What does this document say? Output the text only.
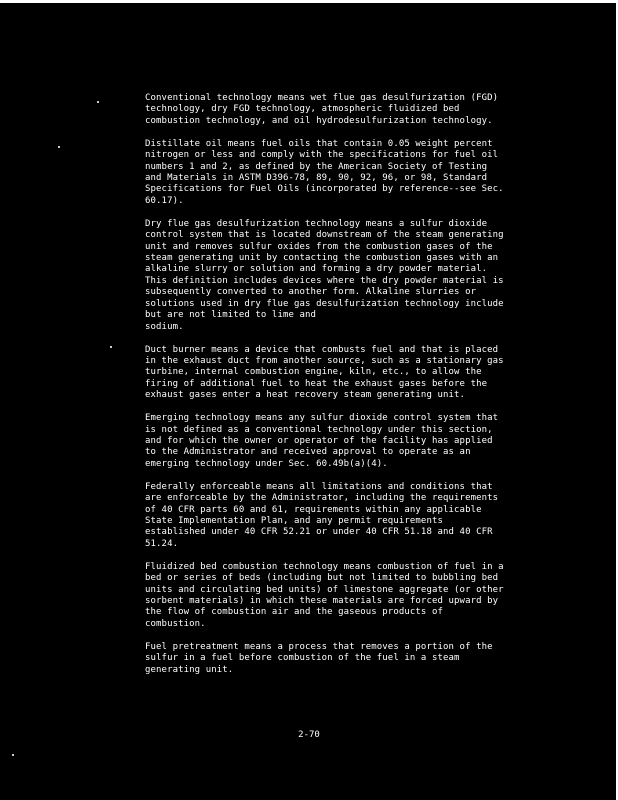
Conventional technology means wet flue gas desulfurization (FGD)
technology, dry FGD technology, atmospheric fluidized bed
combustion technology, and oil hydrodesulfurization technology.

Distillate oil means fuel oils that contain 0.05 weight percent
nitrogen or less and comply with the specifications for fuel oil
numbers 1 and 2, as defined by the American Society of Testing
and Materials in ASTM D396-78, 89, 90, 92, 96, or 98, Standard
Specifications for Fuel Oils (incorporated by reference--see Sec.
60.17).

Dry flue gas desulfurization technology means a sulfur dioxide
control system that is located downstream of the steam generating
unit and removes sulfur oxides from the combustion gases of the
steam generating unit by contacting the combustion gases with an
alkaline slurry or solution and forming a dry powder material.
This definition includes devices where the dry powder material is
subsequently converted to another form. Alkaline slurries or
solutions used in dry flue gas desulfurization technology include
but are not limited to lime and
sodium.

Duct burner means a device that combusts fuel and that is placed
in the exhaust duct from another source, such as a stationary gas
turbine, internal combustion engine, kiln, etc., to allow the
firing of additional fuel to heat the exhaust gases before the
exhaust gases enter a heat recovery steam generating unit.

Emerging technology means any sulfur dioxide control system that
is not defined as a conventional technology under this section,
and for which the owner or operator of the facility has applied
to the Administrator and received approval to operate as an
emerging technology under Sec. 60.49b(a)(4).

Federally enforceable means all limitations and conditions that
are enforceable by the Administrator, including the requirements
of 40 CFR parts 60 and 61, requirements within any applicable
State Implementation Plan, and any permit requirements
established under 40 CFR 52.21 or under 40 CFR 51.18 and 40 CFR
51.24.

Fluidized bed combustion technology means combustion of fuel in a
bed or series of beds (including but not limited to bubbling bed
units and circulating bed units) of limestone aggregate (or other
sorbent materials) in which these materials are forced upward by
the flow of combustion air and the gaseous products of
combustion.

Fuel pretreatment means a process that removes a portion of the
sulfur in a fuel before combustion of the fuel in a steam
generating unit.

2-70
